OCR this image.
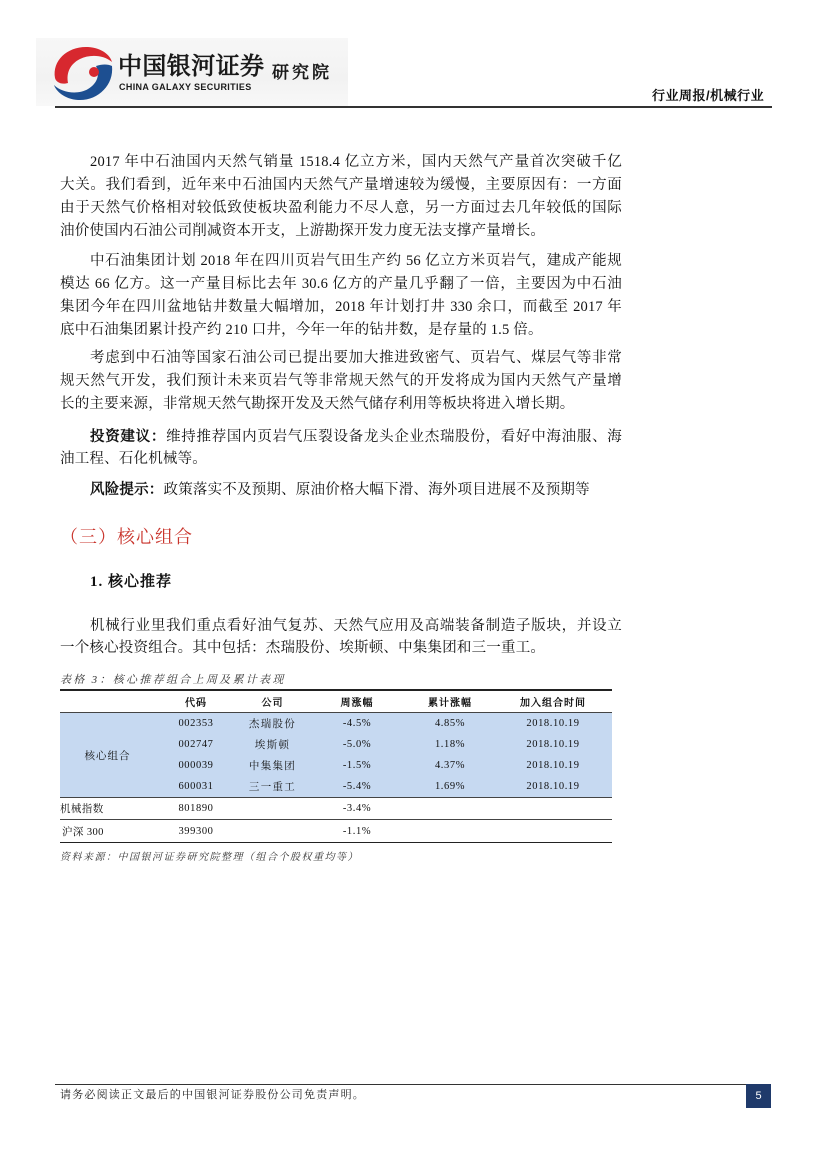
中国银河证券 研究院
CHINA GALAXY SECURITIES
行业周报/机械行业
2017 年中石油国内天然气销量 1518.4 亿立方米，国内天然气产量首次突破千亿
大关。我们看到，近年来中石油国内天然气产量增速较为缓慢，主要原因有：一方面
由于天然气价格相对较低致使板块盈利能力不尽人意，另一方面过去几年较低的国际
油价使国内石油公司削减资本开支，上游勘探开发力度无法支撑产量增长。
中石油集团计划 2018 年在四川页岩气田生产约 56 亿立方米页岩气，建成产能规
模达 66 亿方。这一产量目标比去年 30.6 亿方的产量几乎翻了一倍，主要因为中石油
集团今年在四川盆地钻井数量大幅增加，2018 年计划打井 330 余口，而截至 2017 年
底中石油集团累计投产约 210 口井，今年一年的钻井数，是存量的 1.5 倍。
考虑到中石油等国家石油公司已提出要加大推进致密气、页岩气、煤层气等非常
规天然气开发，我们预计未来页岩气等非常规天然气的开发将成为国内天然气产量增
长的主要来源，非常规天然气勘探开发及天然气储存利用等板块将进入增长期。
投资建议：维持推荐国内页岩气压裂设备龙头企业杰瑞股份，看好中海油服、海
油工程、石化机械等。
风险提示：政策落实不及预期、原油价格大幅下滑、海外项目进展不及预期等
（三）核心组合
1. 核心推荐
机械行业里我们重点看好油气复苏、天然气应用及高端装备制造子版块，并设立
一个核心投资组合。其中包括：杰瑞股份、埃斯顿、中集集团和三一重工。
表格 3：核心推荐组合上周及累计表现
	代码	公司	周涨幅	累计涨幅	加入组合时间
核心组合	002353	杰瑞股份	-4.5%	4.85%	2018.10.19
	002747	埃斯顿	-5.0%	1.18%	2018.10.19
	000039	中集集团	-1.5%	4.37%	2018.10.19
	600031	三一重工	-5.4%	1.69%	2018.10.19
机械指数	801890		-3.4%		
沪深 300	399300		-1.1%		
资料来源：中国银河证券研究院整理（组合个股权重均等）
请务必阅读正文最后的中国银河证券股份公司免责声明。	5
